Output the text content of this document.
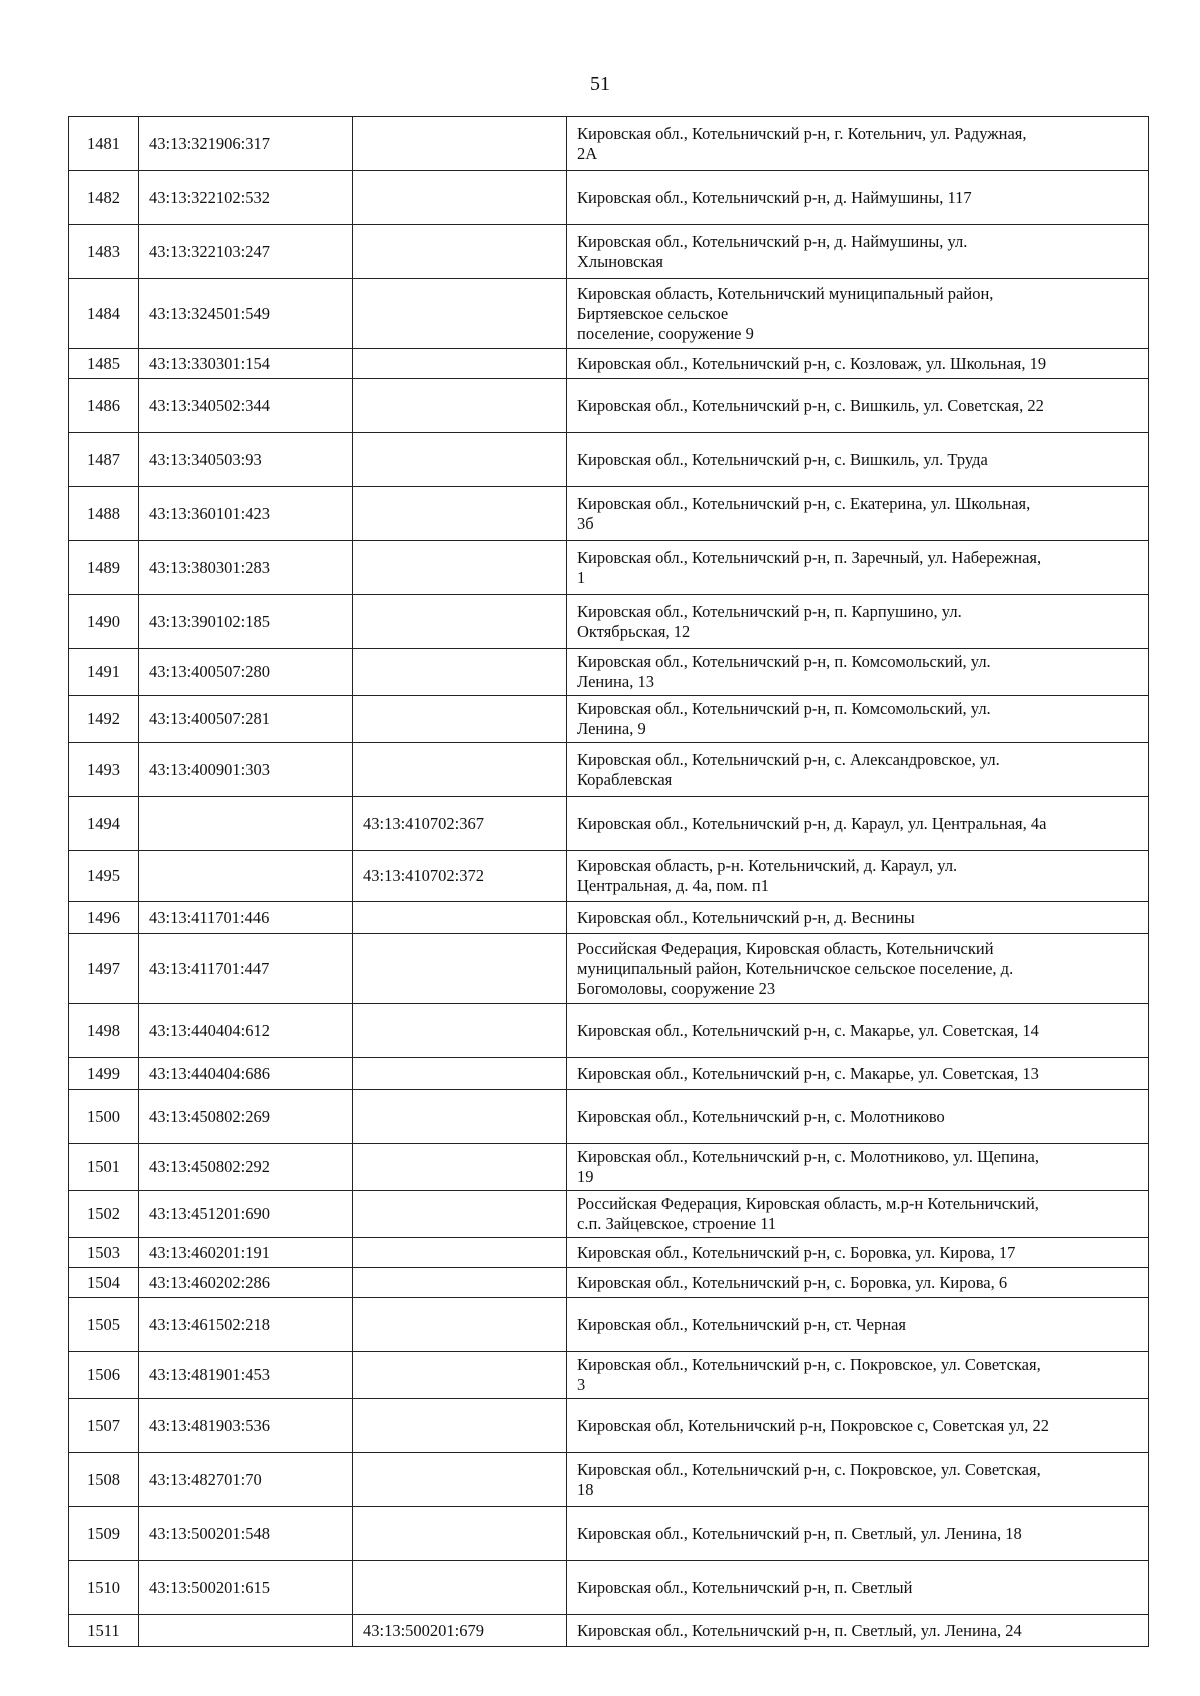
51
1481	43:13:321906:317		Кировская обл., Котельничский р-н, г. Котельнич, ул. Радужная,
2А
1482	43:13:322102:532		Кировская обл., Котельничский р-н, д. Наймушины, 117
1483	43:13:322103:247		Кировская обл., Котельничский р-н, д. Наймушины, ул.
Хлыновская
1484	43:13:324501:549		Кировская область, Котельничский муниципальный район,
Биртяевское сельское
поселение, сооружение 9
1485	43:13:330301:154		Кировская обл., Котельничский р-н, с. Козловаж, ул. Школьная, 19
1486	43:13:340502:344		Кировская обл., Котельничский р-н, с. Вишкиль, ул. Советская, 22
1487	43:13:340503:93		Кировская обл., Котельничский р-н, с. Вишкиль, ул. Труда
1488	43:13:360101:423		Кировская обл., Котельничский р-н, с. Екатерина, ул. Школьная,
3б
1489	43:13:380301:283		Кировская обл., Котельничский р-н, п. Заречный, ул. Набережная,
1
1490	43:13:390102:185		Кировская обл., Котельничский р-н, п. Карпушино, ул.
Октябрьская, 12
1491	43:13:400507:280		Кировская обл., Котельничский р-н, п. Комсомольский, ул.
Ленина, 13
1492	43:13:400507:281		Кировская обл., Котельничский р-н, п. Комсомольский, ул.
Ленина, 9
1493	43:13:400901:303		Кировская обл., Котельничский р-н, с. Александровское, ул.
Кораблевская
1494		43:13:410702:367	Кировская обл., Котельничский р-н, д. Караул, ул. Центральная, 4а
1495		43:13:410702:372	Кировская область, р-н. Котельничский, д. Караул, ул.
Центральная, д. 4а, пом. п1
1496	43:13:411701:446		Кировская обл., Котельничский р-н, д. Веснины
1497	43:13:411701:447		Российская Федерация, Кировская область, Котельничский
муниципальный район, Котельничское сельское поселение, д.
Богомоловы, сооружение 23
1498	43:13:440404:612		Кировская обл., Котельничский р-н, с. Макарье, ул. Советская, 14
1499	43:13:440404:686		Кировская обл., Котельничский р-н, с. Макарье, ул. Советская, 13
1500	43:13:450802:269		Кировская обл., Котельничский р-н, с. Молотниково
1501	43:13:450802:292		Кировская обл., Котельничский р-н, с. Молотниково, ул. Щепина,
19
1502	43:13:451201:690		Российская Федерация, Кировская область, м.р-н Котельничский,
с.п. Зайцевское, строение 11
1503	43:13:460201:191		Кировская обл., Котельничский р-н, с. Боровка, ул. Кирова, 17
1504	43:13:460202:286		Кировская обл., Котельничский р-н, с. Боровка, ул. Кирова, 6
1505	43:13:461502:218		Кировская обл., Котельничский р-н, ст. Черная
1506	43:13:481901:453		Кировская обл., Котельничский р-н, с. Покровское, ул. Советская,
3
1507	43:13:481903:536		Кировская обл, Котельничский р-н, Покровское с, Советская ул, 22
1508	43:13:482701:70		Кировская обл., Котельничский р-н, с. Покровское, ул. Советская,
18
1509	43:13:500201:548		Кировская обл., Котельничский р-н, п. Светлый, ул. Ленина, 18
1510	43:13:500201:615		Кировская обл., Котельничский р-н, п. Светлый
1511		43:13:500201:679	Кировская обл., Котельничский р-н, п. Светлый, ул. Ленина, 24
